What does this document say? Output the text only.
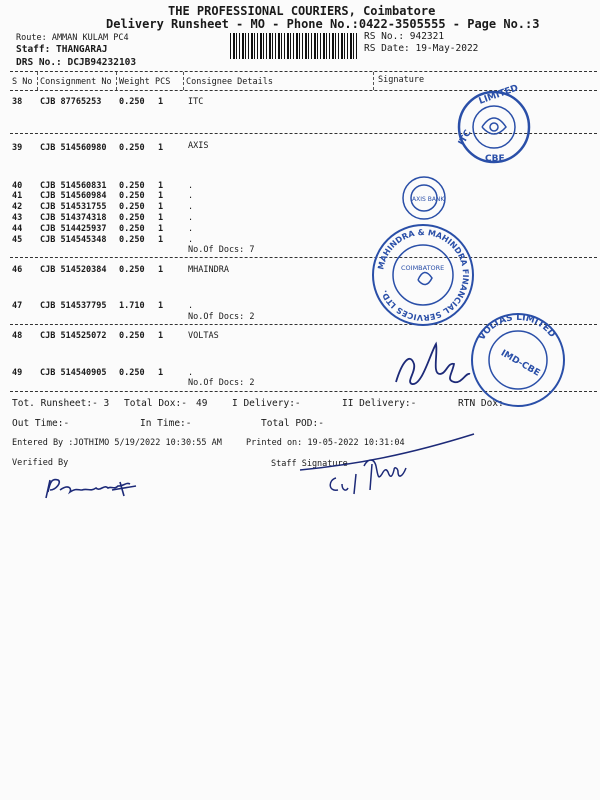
THE PROFESSIONAL COURIERS, Coimbatore
Delivery Runsheet - MO - Phone No.:0422-3505555 - Page No.:3
Route: AMMAN KULAM PC4
Staff: THANGARAJ
DRS No.: DCJB94232103
RS No.: 942321
RS Date: 19-May-2022
S No Consignment No Weight PCS Consignee Details	Signature
38 CJB 87765253 0.250 1	ITC
39 CJB 514560980 0.250 1	AXIS
40 CJB 514560831 0.250 1	.
41 CJB 514560984 0.250 1	.
42 CJB 514531755 0.250 1	.
43 CJB 514374318 0.250 1	.
44 CJB 514425937 0.250 1	.
45 CJB 514545348 0.250 1	.
No.Of Docs: 7
46 CJB 514520384 0.250 1	MHAINDRA
47 CJB 514537795 1.710 1	.
No.Of Docs: 2
48 CJB 514525072 0.250 1	VOLTAS
49 CJB 514540905 0.250 1	.
No.Of Docs: 2
Tot. Runsheet:- 3 Total Dox:- 49	I Delivery:-	II Delivery:-	RTN Dox:
Out Time:-	In Time:-	Total POD:-
Entered By :JOTHIMO 5/19/2022 10:30:55 AM	Printed on: 19-05-2022 10:31:04
Verified By	Staff Signature
LIMITED
CBE
ITC
AXIS BANK
MAHINDRA & MAHINDRA FINANCIAL SERVICES LTD.
COIMBATORE
VOLTAS LIMITED
IMD-CBE
